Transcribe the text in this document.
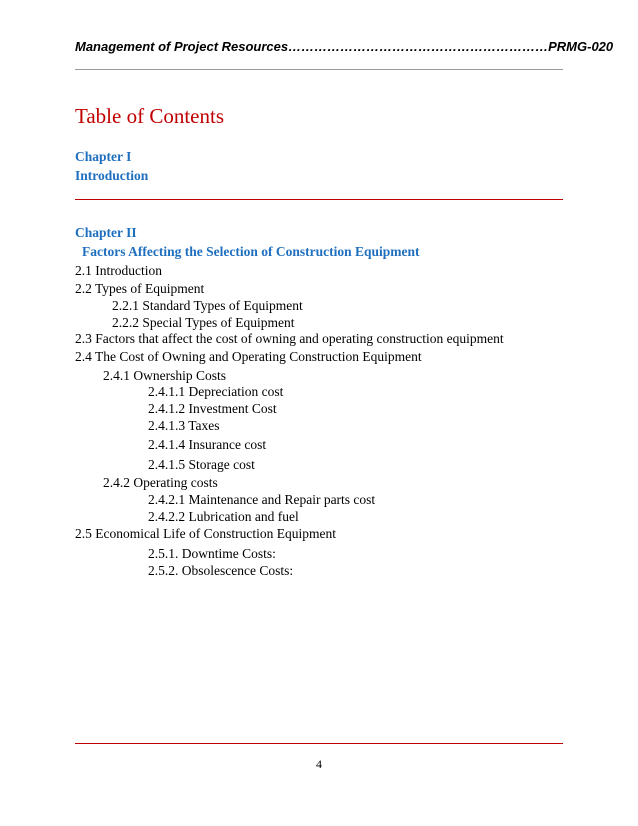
Management of Project Resources……………………………………………………PRMG-020
Table of Contents
Chapter I
Introduction
Chapter II
Factors Affecting the Selection of Construction Equipment
2.1 Introduction
2.2 Types of Equipment
2.2.1 Standard Types of Equipment
2.2.2 Special Types of Equipment
2.3 Factors that affect the cost of owning and operating construction equipment
2.4 The Cost of Owning and Operating Construction Equipment
2.4.1 Ownership Costs
2.4.1.1 Depreciation cost
2.4.1.2 Investment Cost
2.4.1.3 Taxes
2.4.1.4 Insurance cost
2.4.1.5 Storage cost
2.4.2 Operating costs
2.4.2.1 Maintenance and Repair parts cost
2.4.2.2 Lubrication and fuel
2.5 Economical Life of Construction Equipment
2.5.1. Downtime Costs:
2.5.2. Obsolescence Costs:
4
